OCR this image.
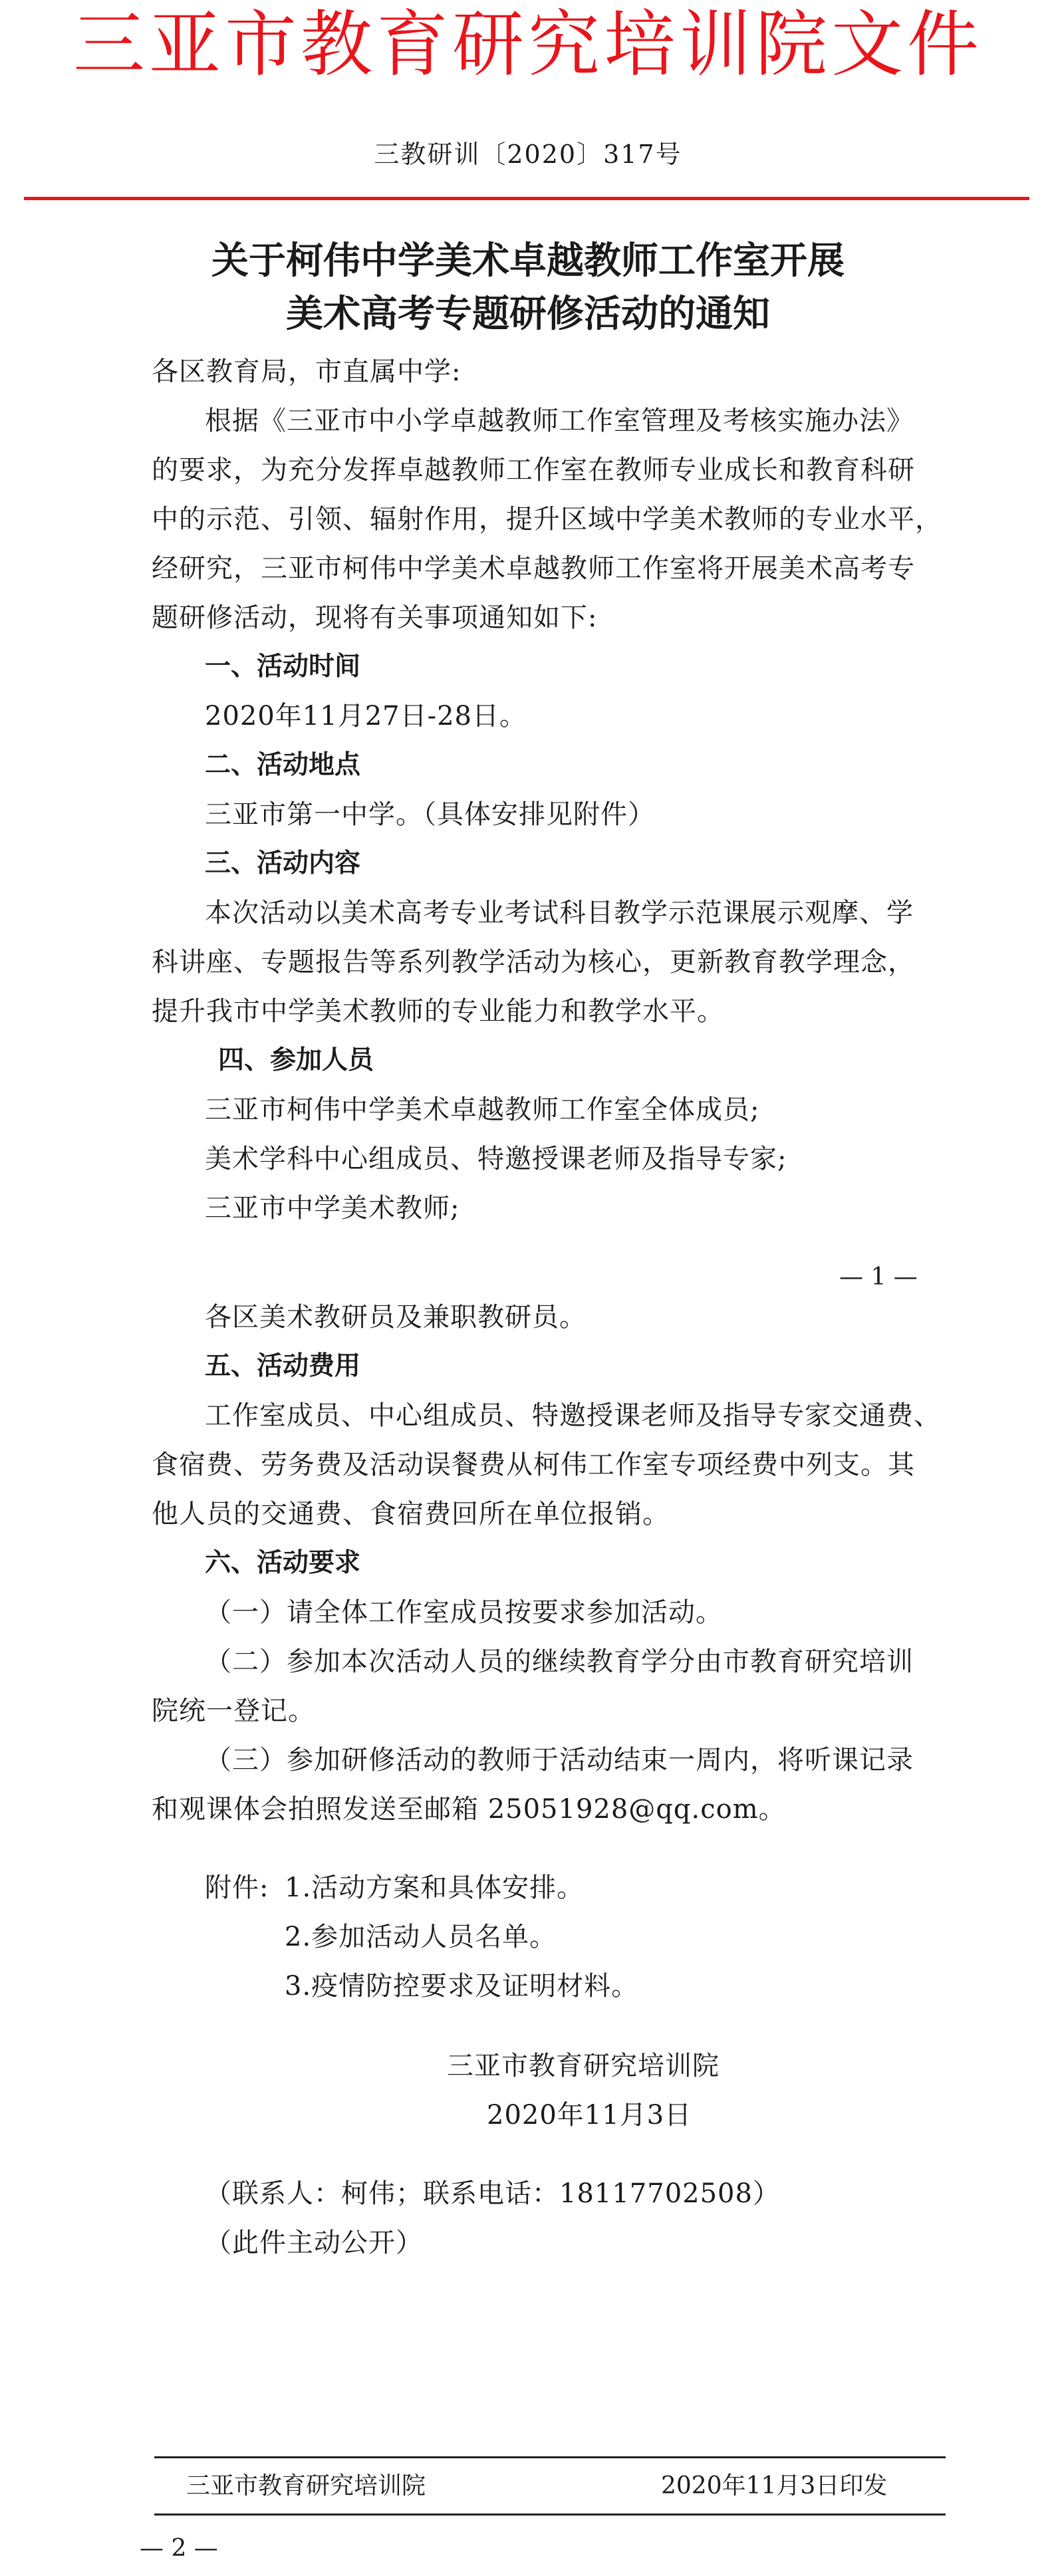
三亚市教育研究培训院文件
三教研训〔2020〕317号
关于柯伟中学美术卓越教师工作室开展
美术高考专题研修活动的通知
各区教育局，市直属中学:
根据《三亚市中小学卓越教师工作室管理及考核实施办法》
的要求，为充分发挥卓越教师工作室在教师专业成长和教育科研
中的示范、引领、辐射作用，提升区域中学美术教师的专业水平，
经研究，三亚市柯伟中学美术卓越教师工作室将开展美术高考专
题研修活动，现将有关事项通知如下:
一、活动时间
2020年11月27日-28日。
二、活动地点
三亚市第一中学。（具体安排见附件）
三、活动内容
本次活动以美术高考专业考试科目教学示范课展示观摩、学
科讲座、专题报告等系列教学活动为核心，更新教育教学理念，
提升我市中学美术教师的专业能力和教学水平。
四、参加人员
三亚市柯伟中学美术卓越教师工作室全体成员;
美术学科中心组成员、特邀授课老师及指导专家;
三亚市中学美术教师;
— 1 —
各区美术教研员及兼职教研员。
五、活动费用
工作室成员、中心组成员、特邀授课老师及指导专家交通费、
食宿费、劳务费及活动误餐费从柯伟工作室专项经费中列支。其
他人员的交通费、食宿费回所在单位报销。
六、活动要求
（一）请全体工作室成员按要求参加活动。
（二）参加本次活动人员的继续教育学分由市教育研究培训
院统一登记。
（三）参加研修活动的教师于活动结束一周内，将听课记录
和观课体会拍照发送至邮箱 25051928@qq.com。
附件: 1.活动方案和具体安排。
2.参加活动人员名单。
3.疫情防控要求及证明材料。
三亚市教育研究培训院
2020年11月3日
（联系人：柯伟；联系电话：18117702508）
（此件主动公开）
三亚市教育研究培训院	2020年11月3日印发
— 2 —
